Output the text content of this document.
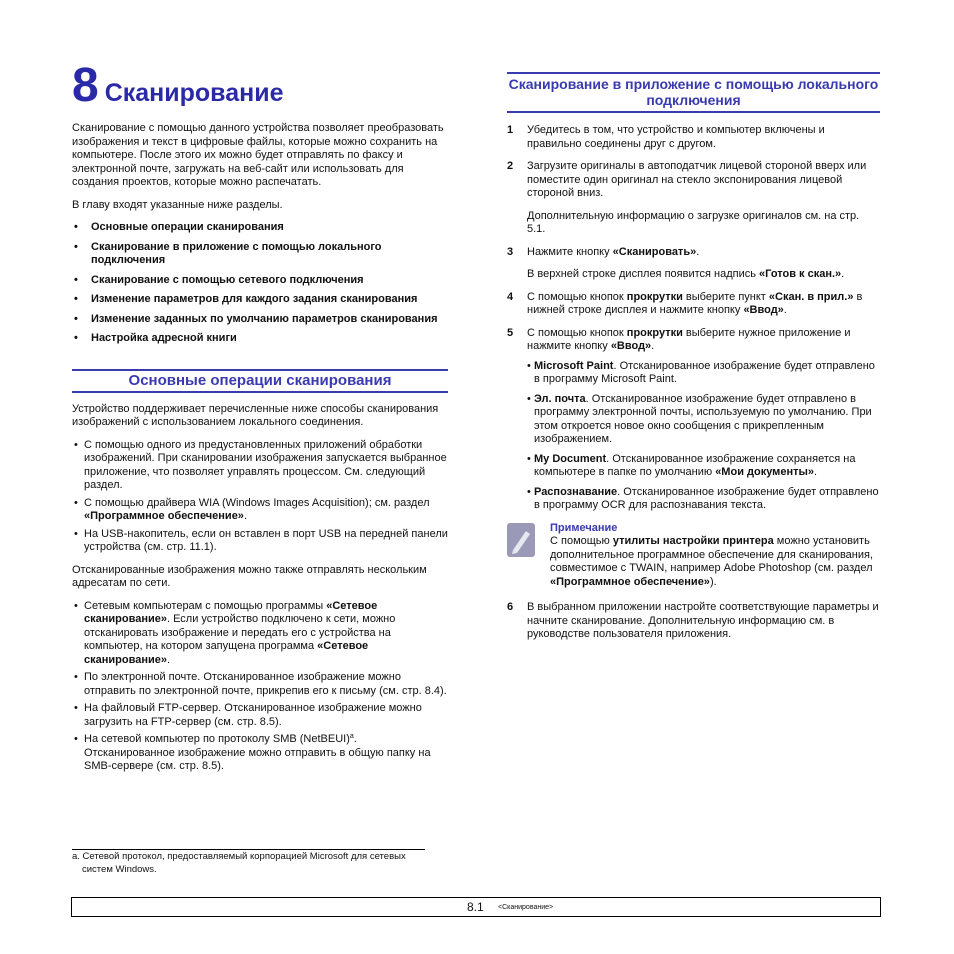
8 Сканирование

Сканирование с помощью данного устройства позволяет преобразовать изображения и текст в цифровые файлы, которые можно сохранить на компьютере. После этого их можно будет отправлять по факсу и электронной почте, загружать на веб-сайт или использовать для создания проектов, которые можно распечатать.

В главу входят указанные ниже разделы.

• Основные операции сканирования
• Сканирование в приложение с помощью локального подключения
• Сканирование с помощью сетевого подключения
• Изменение параметров для каждого задания сканирования
• Изменение заданных по умолчанию параметров сканирования
• Настройка адресной книги
Основные операции сканирования

Устройство поддерживает перечисленные ниже способы сканирования изображений с использованием локального соединения.

• С помощью одного из предустановленных приложений обработки изображений. При сканировании изображения запускается выбранное приложение, что позволяет управлять процессом. См. следующий раздел.
• С помощью драйвера WIA (Windows Images Acquisition); см. раздел «Программное обеспечение».
• На USB-накопитель, если он вставлен в порт USB на передней панели устройства (см. стр. 11.1).

Отсканированные изображения можно также отправлять нескольким адресатам по сети.

• Сетевым компьютерам с помощью программы «Сетевое сканирование». Если устройство подключено к сети, можно отсканировать изображение и передать его с устройства на компьютер, на котором запущена программа «Сетевое сканирование».
• По электронной почте. Отсканированное изображение можно отправить по электронной почте, прикрепив его к письму (см. стр. 8.4).
• На файловый FTP-сервер. Отсканированное изображение можно загрузить на FTP-сервер (см. стр. 8.5).
• На сетевой компьютер по протоколу SMB (NetBEUI)$^a$. Отсканированное изображение можно отправить в общую папку на SMB-сервере (см. стр. 8.5).
Сканирование в приложение с помощью локального подключения
1 Убедитесь в том, что устройство и компьютер включены и правильно соединены друг с другом.

2 Загрузите оригиналы в автоподатчик лицевой стороной вверх или поместите один оригинал на стекло экспонирования лицевой стороной вниз.

Дополнительную информацию о загрузке оригиналов см. на стр. 5.1.

3 Нажмите кнопку «Сканировать».

В верхней строке дисплея появится надпись «Готов к скан.».

4 С помощью кнопок прокрутки выберите пункт «Скан. в прил.» в нижней строке дисплея и нажмите кнопку «Ввод».

5 С помощью кнопок прокрутки выберите нужное приложение и нажмите кнопку «Ввод».

• Microsoft Paint. Отсканированное изображение будет отправлено в программу Microsoft Paint.
• Эл. почта. Отсканированное изображение будет отправлено в программу электронной почты, используемую по умолчанию. При этом откроется новое окно сообщения с прикрепленным изображением.
• My Document. Отсканированное изображение сохраняется на компьютере в папке по умолчанию «Мои документы».
• Распознавание. Отсканированное изображение будет отправлено в программу OCR для распознавания текста.
Примечание
С помощью утилиты настройки принтера можно установить дополнительное программное обеспечение для сканирования, совместимое с TWAIN, например Adobe Photoshop (см. раздел «Программное обеспечение»).
6 В выбранном приложении настройте соответствующие параметры и начните сканирование. Дополнительную информацию см. в руководстве пользователя приложения.

a. Сетевой протокол, предоставляемый корпорацией Microsoft для сетевых
систем Windows.
8.1 <Сканирование>
